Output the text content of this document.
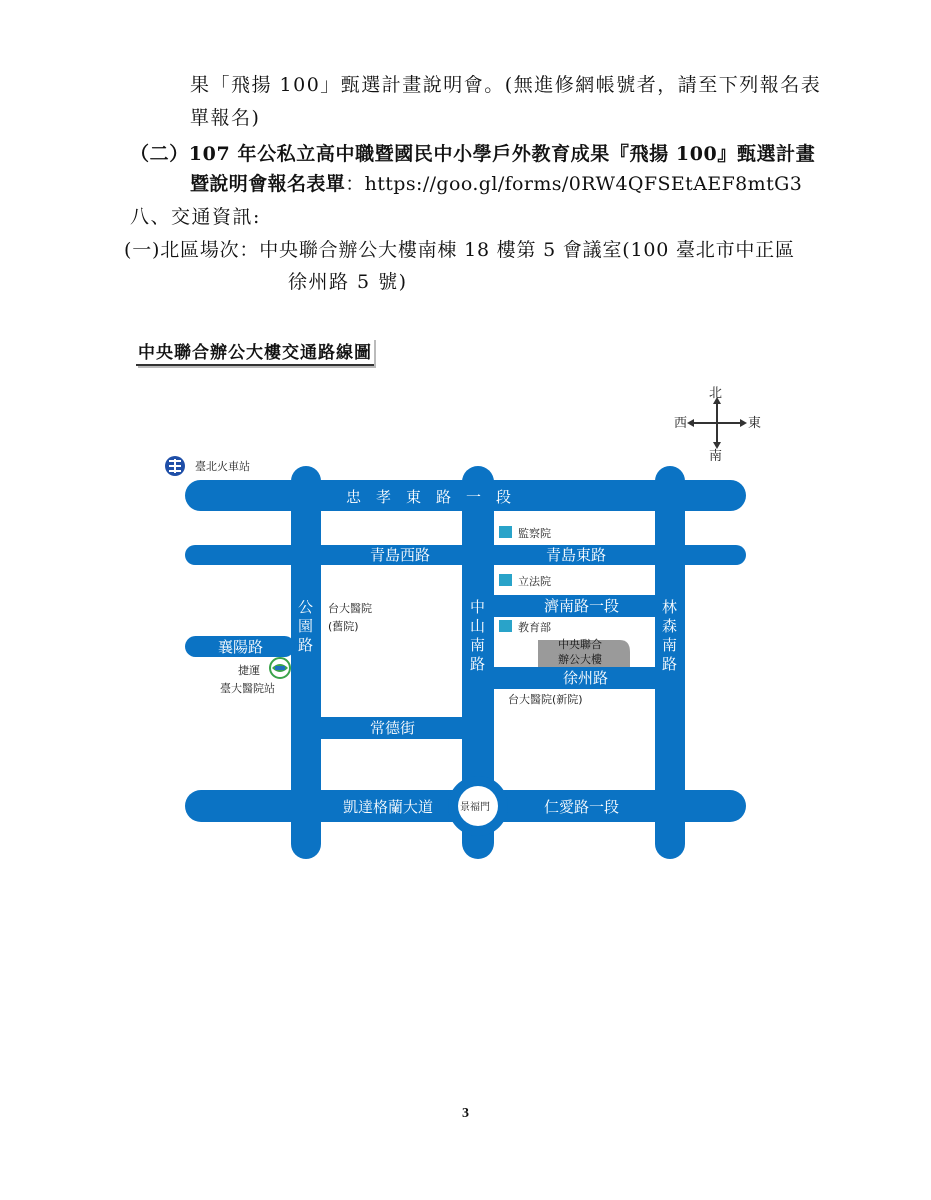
果「飛揚 100」甄選計畫說明會。(無進修網帳號者，請至下列報名表
單報名)
（二）107 年公私立高中職暨國民中小學戶外教育成果『飛揚 100』甄選計畫
暨說明會報名表單：https://goo.gl/forms/0RW4QFSEtAEF8mtG3
八、交通資訊:
(一)北區場次：中央聯合辦公大樓南棟 18 樓第 5 會議室(100 臺北市中正區
徐州路 5 號)
中央聯合辦公大樓交通路線圖
北
南
東
西
忠　孝　東　路　一　段
青島西路	青島東路
濟南路一段
襄陽路
徐州路
常德街
凱達格蘭大道	仁愛路一段
景福門
公
園
路
中
山
南
路
林
森
南
路
臺北火車站
監察院
立法院
教育部
台大醫院
(舊院)
捷運
臺大醫院站
中央聯合
辦公大樓
台大醫院(新院)
3
